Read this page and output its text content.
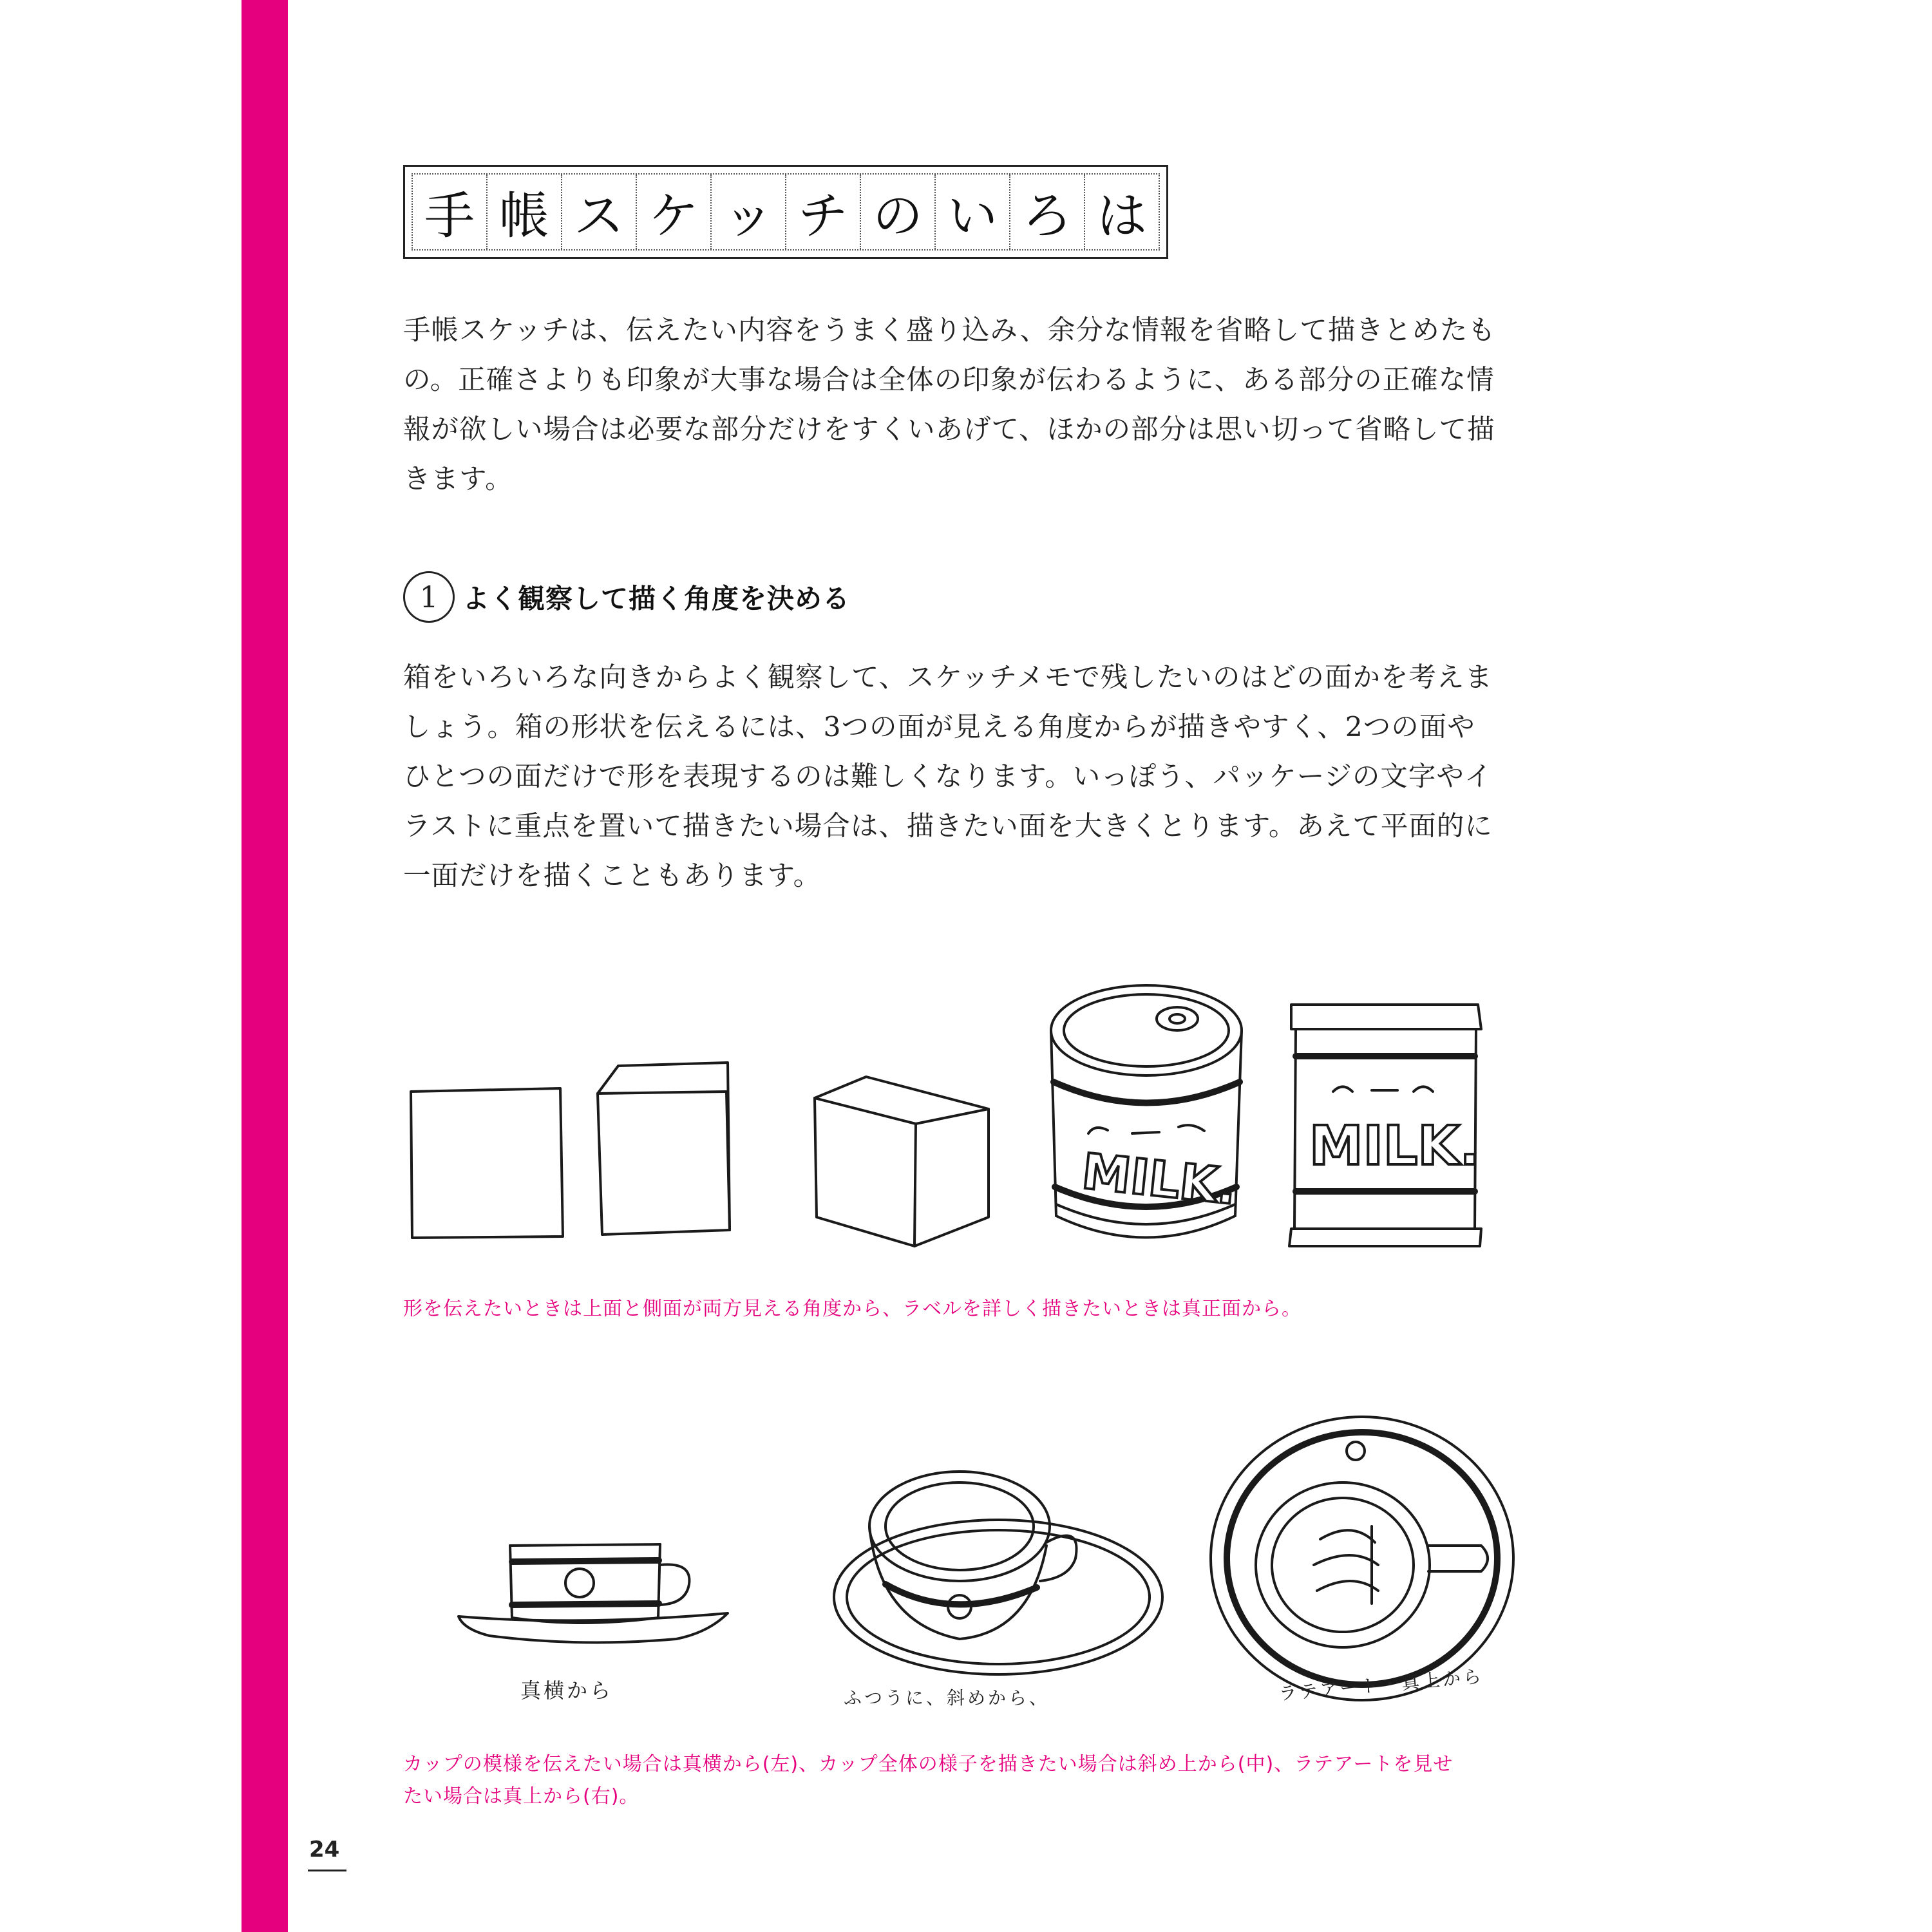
手 帳 ス ケ ッ チ の い ろ は
手帳スケッチは、伝えたい内容をうまく盛り込み、余分な情報を省略して描きとめたも
の。正確さよりも印象が大事な場合は全体の印象が伝わるように、ある部分の正確な情
報が欲しい場合は必要な部分だけをすくいあげて、ほかの部分は思い切って省略して描
きます。
1 よく観察して描く角度を決める
箱をいろいろな向きからよく観察して、スケッチメモで残したいのはどの面かを考えま
しょう。箱の形状を伝えるには、3つの面が見える角度からが描きやすく、2つの面や
ひとつの面だけで形を表現するのは難しくなります。いっぽう、パッケージの文字やイ
ラストに重点を置いて描きたい場合は、描きたい面を大きくとります。あえて平面的に
一面だけを描くこともあります。
MILK. MILK.
形を伝えたいときは上面と側面が両方見える角度から、ラベルを詳しく描きたいときは真正面から。
真横から	ふつうに、斜めから、	ラテアート・真上から
カップの模様を伝えたい場合は真横から(左)、カップ全体の様子を描きたい場合は斜め上から(中)、ラテアートを見せ
たい場合は真上から(右)。
24
